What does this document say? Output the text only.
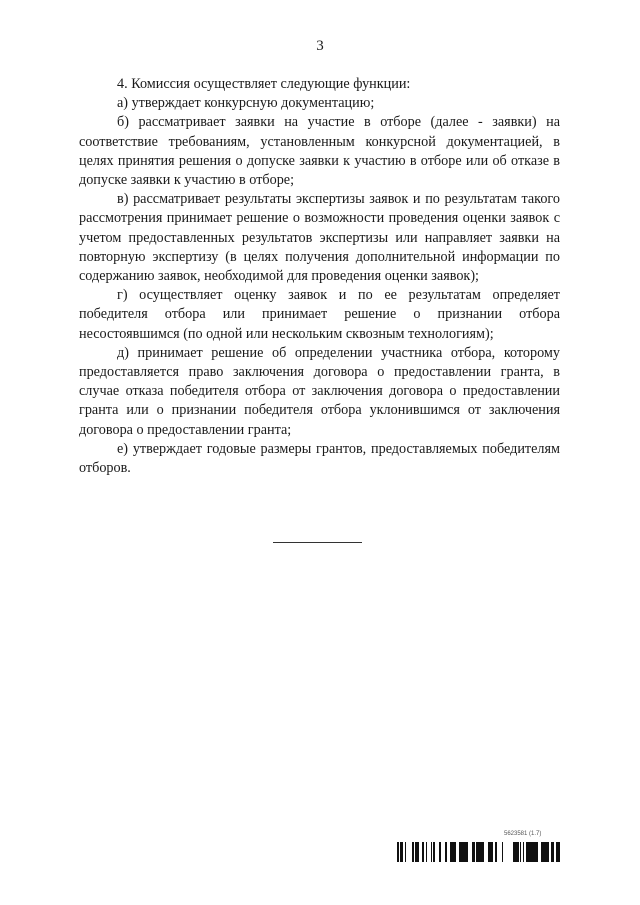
3

4. Комиссия осуществляет следующие функции:

а) утверждает конкурсную документацию;

б) рассматривает заявки на участие в отборе (далее - заявки) на соответствие требованиям, установленным конкурсной документацией, в целях принятия решения о допуске заявки к участию в отборе или об отказе в допуске заявки к участию в отборе;

в) рассматривает результаты экспертизы заявок и по результатам такого рассмотрения принимает решение о возможности проведения оценки заявок с учетом предоставленных результатов экспертизы или направляет заявки на повторную экспертизу (в целях получения дополнительной информации по содержанию заявок, необходимой для проведения оценки заявок);

г) осуществляет оценку заявок и по ее результатам определяет победителя отбора или принимает решение о признании отбора несостоявшимся (по одной или нескольким сквозным технологиям);

д) принимает решение об определении участника отбора, которому предоставляется право заключения договора о предоставлении гранта, в случае отказа победителя отбора от заключения договора о предоставлении гранта или о признании победителя отбора уклонившимся от заключения договора о предоставлении гранта;

е) утверждает годовые размеры грантов, предоставляемых победителям отборов.

5623581 (1.7)
